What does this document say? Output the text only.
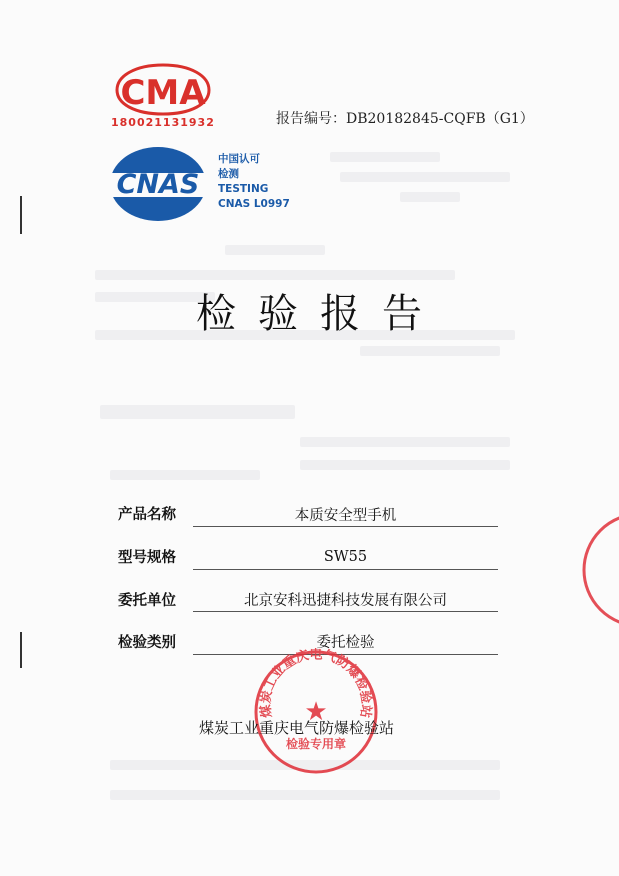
CMA
180021131932
CNAS
中国认可
检测
TESTING
CNAS L0997
报告编号：DB20182845-CQFB（G1）
检验报告
产品名称	本质安全型手机
型号规格	SW55
委托单位	北京安科迅捷科技发展有限公司
检验类别	委托检验
煤炭工业重庆电气防爆检验站
★
检验专用章
煤炭工业重庆电气防爆检验站
